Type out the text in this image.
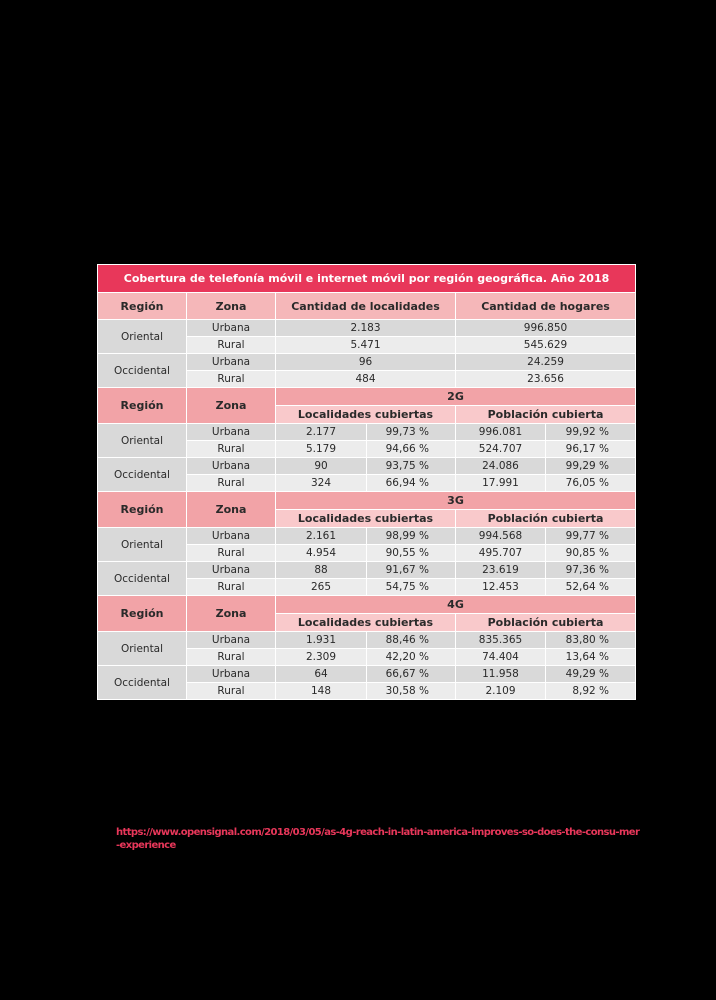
Cobertura de telefonía móvil e internet móvil por región geográfica. Año 2018					
Región	Zona	Cantidad de localidades		Cantidad de hogares	
Oriental	Urbana	2.183		996.850	
	Rural	5.471		545.629	
Occidental	Urbana	96		24.259	
	Rural	484		23.656	
Región	Zona	2G			
		Localidades cubiertas		Población cubierta	
Oriental	Urbana	2.177	99,73 %	996.081	99,92 %
	Rural	5.179	94,66 %	524.707	96,17 %
Occidental	Urbana	90	93,75 %	24.086	99,29 %
	Rural	324	66,94 %	17.991	76,05 %
Región	Zona	3G			
		Localidades cubiertas		Población cubierta	
Oriental	Urbana	2.161	98,99 %	994.568	99,77 %
	Rural	4.954	90,55 %	495.707	90,85 %
Occidental	Urbana	88	91,67 %	23.619	97,36 %
	Rural	265	54,75 %	12.453	52,64 %
Región	Zona	4G			
		Localidades cubiertas		Población cubierta	
Oriental	Urbana	1.931	88,46 %	835.365	83,80 %
	Rural	2.309	42,20 %	74.404	13,64 %
Occidental	Urbana	64	66,67 %	11.958	49,29 %
	Rural	148	30,58 %	2.109	8,92 %
https://www.opensignal.com/2018/03/05/as-4g-reach-in-latin-america-improves-so-does-the-consu-mer-experience
